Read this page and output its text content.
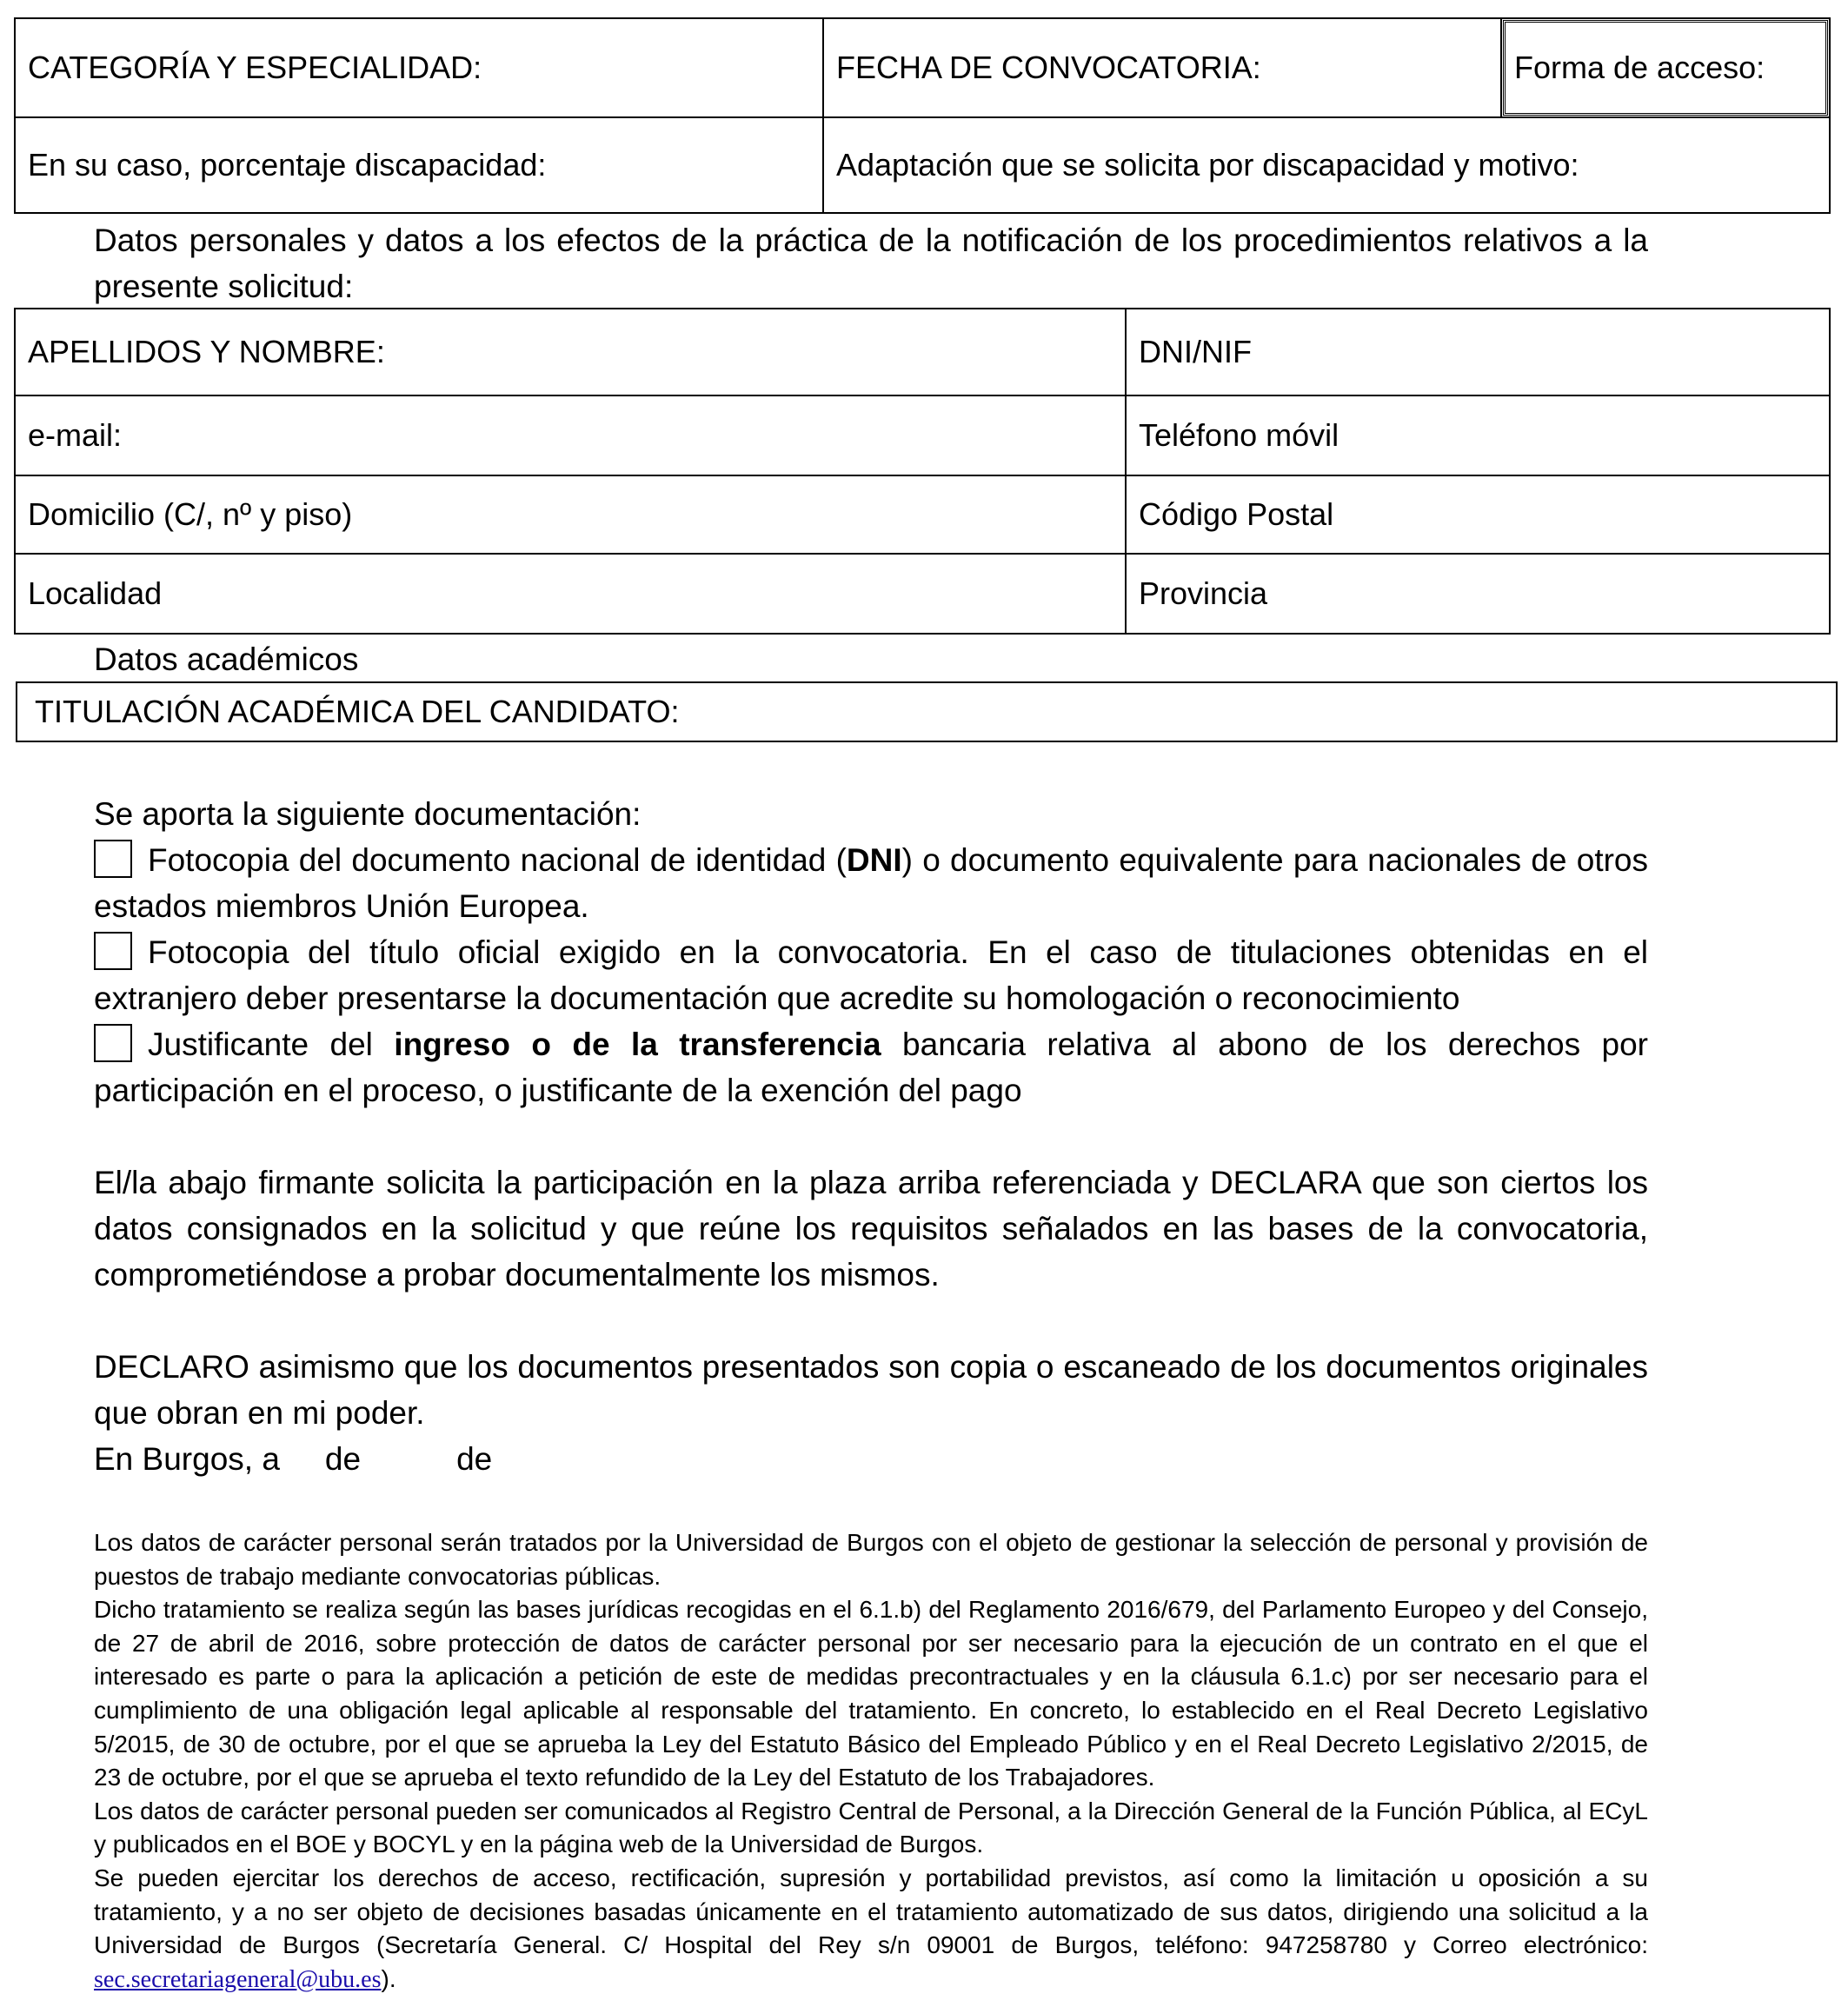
CATEGORÍA Y ESPECIALIDAD:	FECHA DE CONVOCATORIA:	Forma de acceso:
En su caso, porcentaje discapacidad:	Adaptación que se solicita por discapacidad y motivo:
Datos personales y datos a los efectos de la práctica de la notificación de los procedimientos relativos a la presente solicitud:
APELLIDOS Y NOMBRE:	DNI/NIF
e-mail:	Teléfono móvil
Domicilio (C/, nº y piso)	Código Postal
Localidad	Provincia
Datos académicos
TITULACIÓN ACADÉMICA DEL CANDIDATO:
Se aporta la siguiente documentación:
Fotocopia del documento nacional de identidad (DNI) o documento equivalente para nacionales de otros estados miembros Unión Europea.
Fotocopia del título oficial exigido en la convocatoria. En el caso de titulaciones obtenidas en el extranjero deber presentarse la documentación que acredite su homologación o reconocimiento
Justificante del ingreso o de la transferencia bancaria relativa al abono de los derechos por participación en el proceso, o justificante de la exención del pago
El/la abajo firmante solicita la participación en la plaza arriba referenciada y DECLARA que son ciertos los datos consignados en la solicitud y que reúne los requisitos señalados en las bases de la convocatoria, comprometiéndose a probar documentalmente los mismos.
DECLARO asimismo que los documentos presentados son copia o escaneado de los documentos originales que obran en mi poder.
En Burgos, a de	de
Los datos de carácter personal serán tratados por la Universidad de Burgos con el objeto de gestionar la selección de personal y provisión de puestos de trabajo mediante convocatorias públicas.
Dicho tratamiento se realiza según las bases jurídicas recogidas en el 6.1.b) del Reglamento 2016/679, del Parlamento Europeo y del Consejo, de 27 de abril de 2016, sobre protección de datos de carácter personal por ser necesario para la ejecución de un contrato en el que el interesado es parte o para la aplicación a petición de este de medidas precontractuales y en la cláusula 6.1.c) por ser necesario para el cumplimiento de una obligación legal aplicable al responsable del tratamiento. En concreto, lo establecido en el Real Decreto Legislativo 5/2015, de 30 de octubre, por el que se aprueba la Ley del Estatuto Básico del Empleado Público y en el Real Decreto Legislativo 2/2015, de 23 de octubre, por el que se aprueba el texto refundido de la Ley del Estatuto de los Trabajadores.
Los datos de carácter personal pueden ser comunicados al Registro Central de Personal, a la Dirección General de la Función Pública, al ECyL y publicados en el BOE y BOCYL y en la página web de la Universidad de Burgos.
Se pueden ejercitar los derechos de acceso, rectificación, supresión y portabilidad previstos, así como la limitación u oposición a su tratamiento, y a no ser objeto de decisiones basadas únicamente en el tratamiento automatizado de sus datos, dirigiendo una solicitud a la Universidad de Burgos (Secretaría General. C/ Hospital del Rey s/n 09001 de Burgos, teléfono: 947258780 y Correo electrónico: sec.secretariageneral@ubu.es).
